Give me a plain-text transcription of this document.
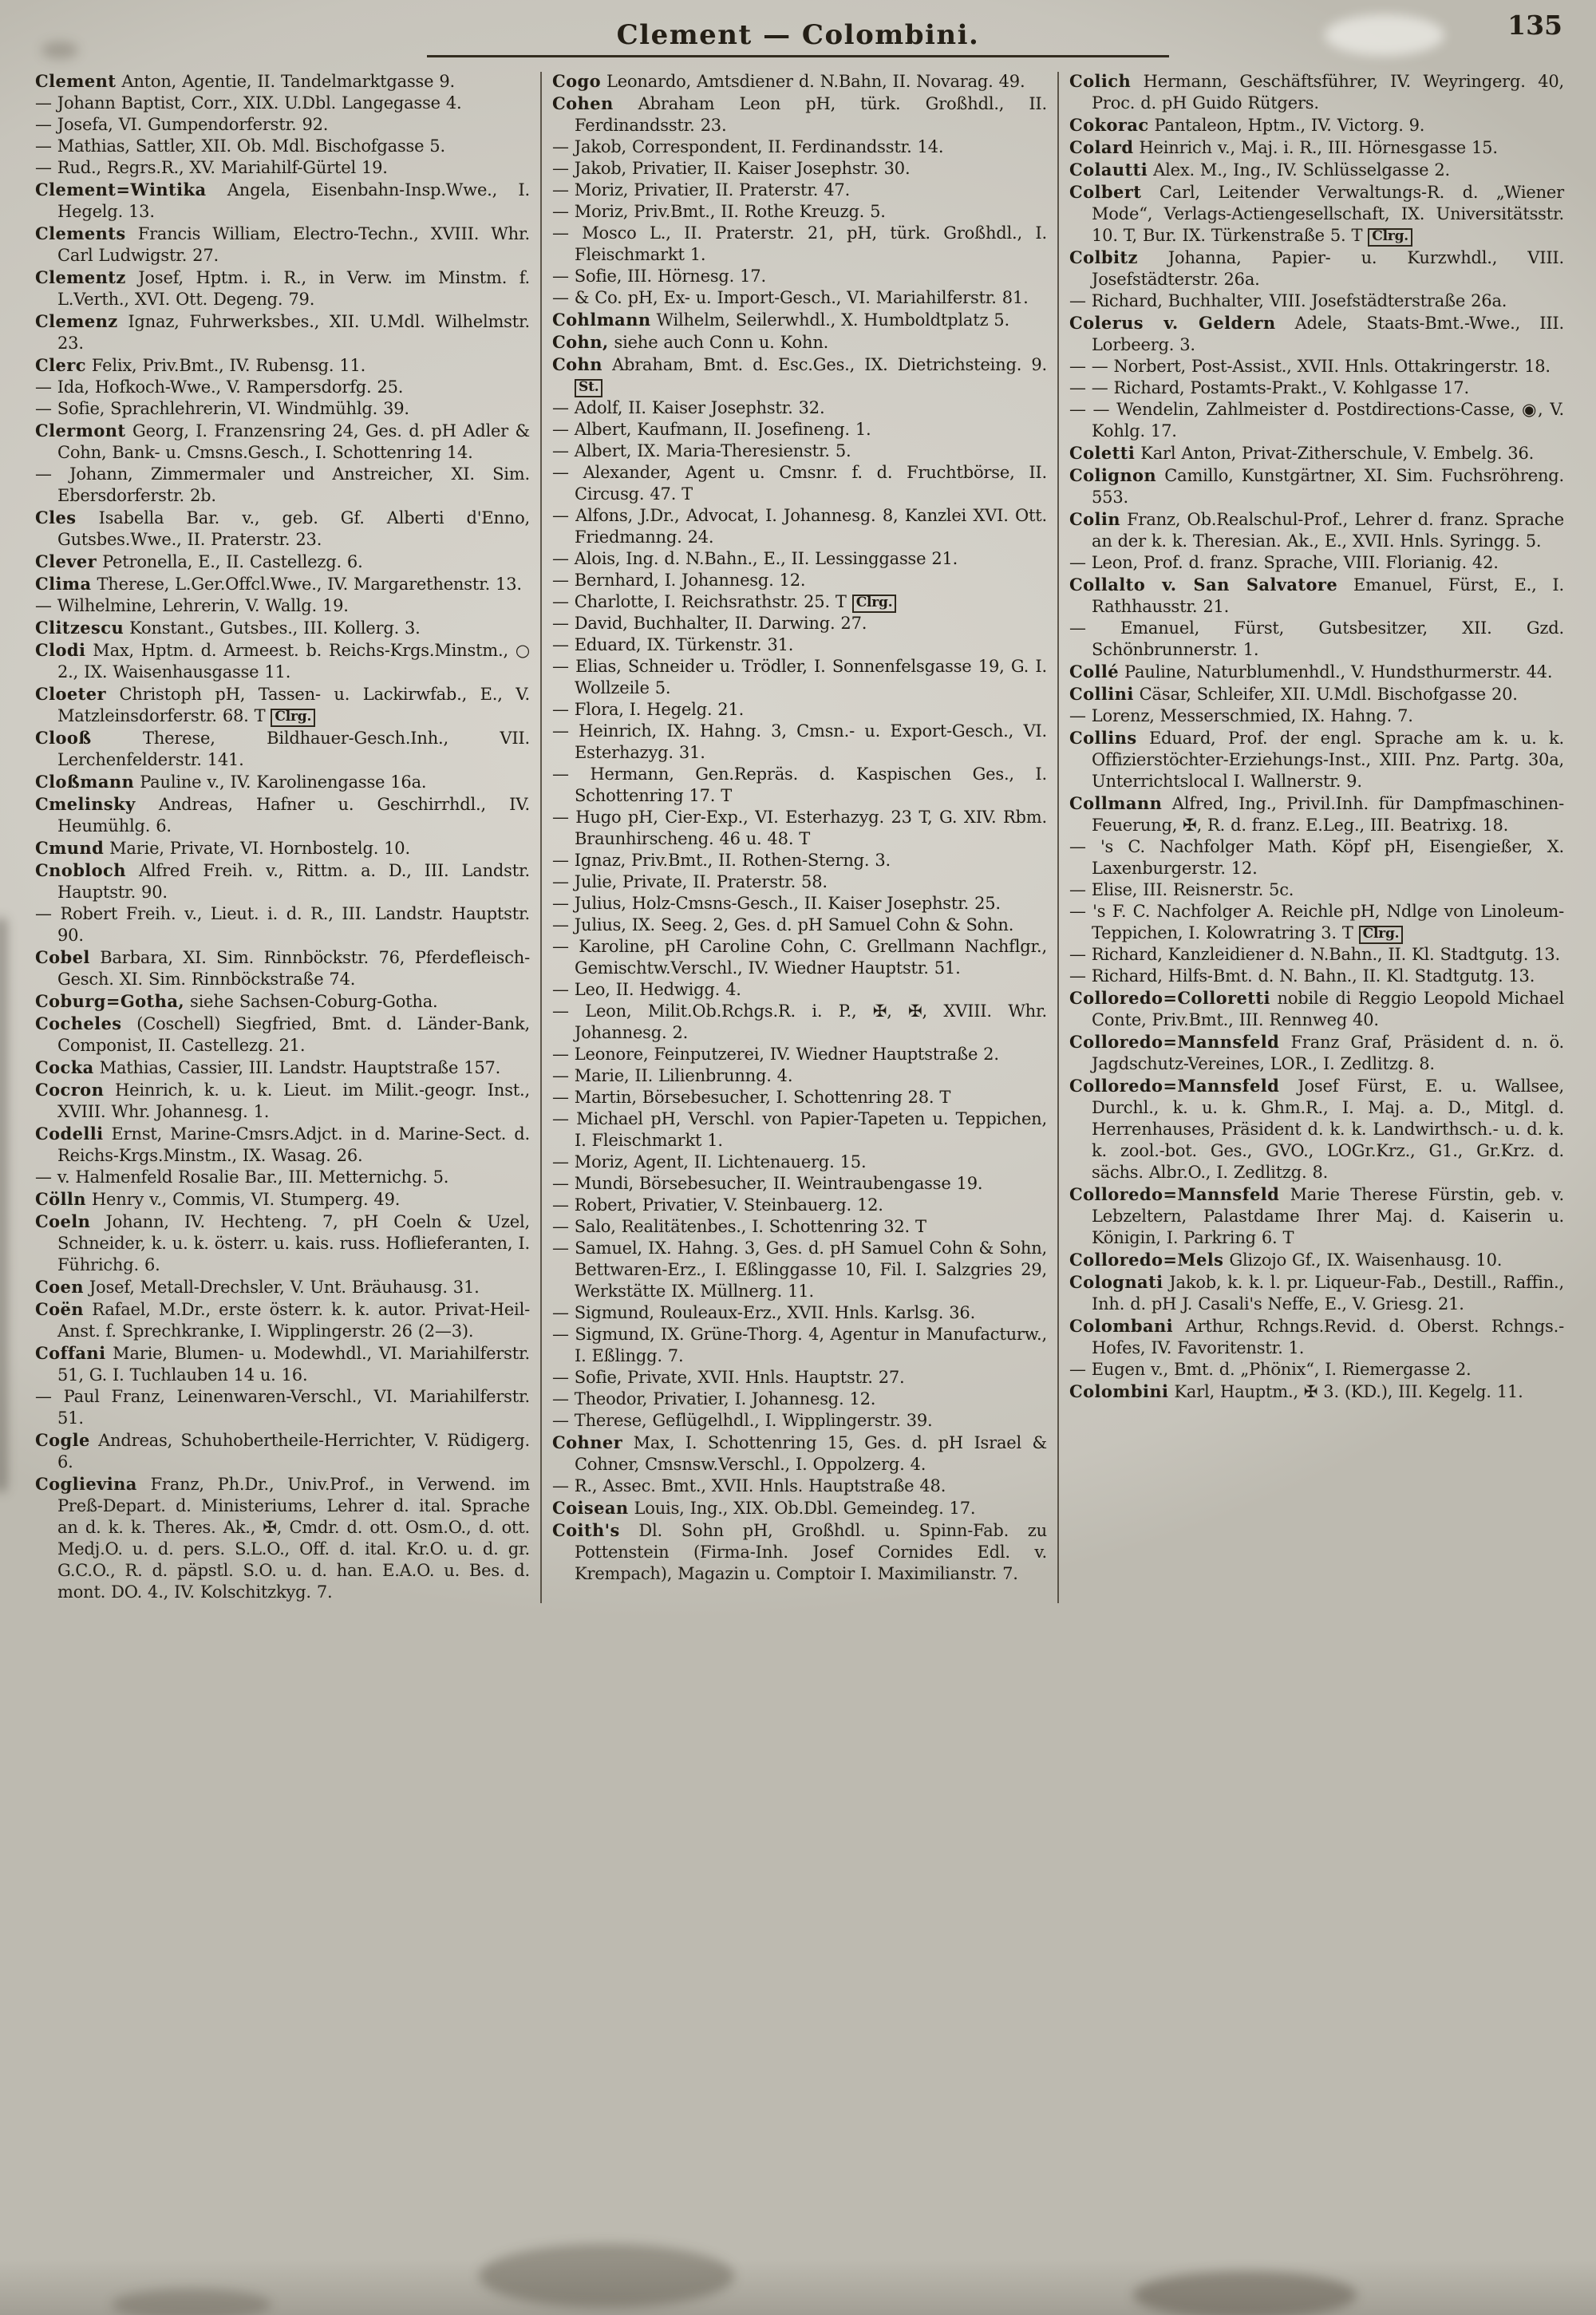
Clement — Colombini.	135

Clement Anton, Agentie, II. Tandelmarktgasse 9.

— Johann Baptist, Corr., XIX. U.Dbl. Langegasse 4.

— Josefa, VI. Gumpendorferstr. 92.

— Mathias, Sattler, XII. Ob. Mdl. Bischofgasse 5.

— Rud., Regrs.R., XV. Mariahilf-Gürtel 19.

Clement=Wintika Angela, Eisenbahn-Insp.Wwe., I. Hegelg. 13.

Clements Francis William, Electro-Techn., XVIII. Whr. Carl Ludwigstr. 27.

Clementz Josef, Hptm. i. R., in Verw. im Minstm. f. L.Verth., XVI. Ott. Degeng. 79.

Clemenz Ignaz, Fuhrwerksbes., XII. U.Mdl. Wilhelmstr. 23.

Clerc Felix, Priv.Bmt., IV. Rubensg. 11.

— Ida, Hofkoch-Wwe., V. Rampersdorfg. 25.

— Sofie, Sprachlehrerin, VI. Windmühlg. 39.

Clermont Georg, I. Franzensring 24, Ges. d. pH Adler & Cohn, Bank- u. Cmsns.Gesch., I. Schottenring 14.

— Johann, Zimmermaler und Anstreicher, XI. Sim. Ebersdorferstr. 2b.

Cles Isabella Bar. v., geb. Gf. Alberti d'Enno, Gutsbes.Wwe., II. Praterstr. 23.

Clever Petronella, E., II. Castellezg. 6.

Clima Therese, L.Ger.Offcl.Wwe., IV. Margarethenstr. 13.

— Wilhelmine, Lehrerin, V. Wallg. 19.

Clitzescu Konstant., Gutsbes., III. Kollerg. 3.

Clodi Max, Hptm. d. Armeest. b. Reichs-Krgs.Minstm., ○ 2., IX. Waisenhausgasse 11.

Cloeter Christoph pH, Tassen- u. Lackirwfab., E., V. Matzleinsdorferstr. 68. T Clrg.

Clooß Therese, Bildhauer-Gesch.Inh., VII. Lerchenfelderstr. 141.

Cloßmann Pauline v., IV. Karolinengasse 16a.

Cmelinsky Andreas, Hafner u. Geschirrhdl., IV. Heumühlg. 6.

Cmund Marie, Private, VI. Hornbostelg. 10.

Cnobloch Alfred Freih. v., Rittm. a. D., III. Landstr. Hauptstr. 90.

— Robert Freih. v., Lieut. i. d. R., III. Landstr. Hauptstr. 90.

Cobel Barbara, XI. Sim. Rinnböckstr. 76, Pferdefleisch-Gesch. XI. Sim. Rinnböckstraße 74.

Coburg=Gotha, siehe Sachsen-Coburg-Gotha.

Cocheles (Coschell) Siegfried, Bmt. d. Länder-Bank, Componist, II. Castellezg. 21.

Cocka Mathias, Cassier, III. Landstr. Hauptstraße 157.

Cocron Heinrich, k. u. k. Lieut. im Milit.-geogr. Inst., XVIII. Whr. Johannesg. 1.

Codelli Ernst, Marine-Cmsrs.Adjct. in d. Marine-Sect. d. Reichs-Krgs.Minstm., IX. Wasag. 26.

— v. Halmenfeld Rosalie Bar., III. Metternichg. 5.

Cölln Henry v., Commis, VI. Stumperg. 49.

Coeln Johann, IV. Hechteng. 7, pH Coeln & Uzel, Schneider, k. u. k. österr. u. kais. russ. Hoflieferanten, I. Führichg. 6.

Coen Josef, Metall-Drechsler, V. Unt. Bräuhausg. 31.

Coën Rafael, M.Dr., erste österr. k. k. autor. Privat-Heil-Anst. f. Sprechkranke, I. Wipplingerstr. 26 (2—3).

Coffani Marie, Blumen- u. Modewhdl., VI. Mariahilferstr. 51, G. I. Tuchlauben 14 u. 16.

— Paul Franz, Leinenwaren-Verschl., VI. Mariahilferstr. 51.

Cogle Andreas, Schuhobertheile-Herrichter, V. Rüdigerg. 6.

Coglievina Franz, Ph.Dr., Univ.Prof., in Verwend. im Preß-Depart. d. Ministeriums, Lehrer d. ital. Sprache an d. k. k. Theres. Ak., ✠, Cmdr. d. ott. Osm.O., d. ott. Medj.O. u. d. pers. S.L.O., Off. d. ital. Kr.O. u. d. gr. G.C.O., R. d. päpstl. S.O. u. d. han. E.A.O. u. Bes. d. mont. DO. 4., IV. Kolschitzkyg. 7.

Cogo Leonardo, Amtsdiener d. N.Bahn, II. Novarag. 49.

Cohen Abraham Leon pH, türk. Großhdl., II. Ferdinandsstr. 23.

— Jakob, Correspondent, II. Ferdinandsstr. 14.

— Jakob, Privatier, II. Kaiser Josephstr. 30.

— Moriz, Privatier, II. Praterstr. 47.

— Moriz, Priv.Bmt., II. Rothe Kreuzg. 5.

— Mosco L., II. Praterstr. 21, pH, türk. Großhdl., I. Fleischmarkt 1.

— Sofie, III. Hörnesg. 17.

— & Co. pH, Ex- u. Import-Gesch., VI. Mariahilferstr. 81.

Cohlmann Wilhelm, Seilerwhdl., X. Humboldtplatz 5.

Cohn, siehe auch Conn u. Kohn.

Cohn Abraham, Bmt. d. Esc.Ges., IX. Dietrichsteing. 9. St.

— Adolf, II. Kaiser Josephstr. 32.

— Albert, Kaufmann, II. Josefineng. 1.

— Albert, IX. Maria-Theresienstr. 5.

— Alexander, Agent u. Cmsnr. f. d. Fruchtbörse, II. Circusg. 47. T

— Alfons, J.Dr., Advocat, I. Johannesg. 8, Kanzlei XVI. Ott. Friedmanng. 24.

— Alois, Ing. d. N.Bahn., E., II. Lessinggasse 21.

— Bernhard, I. Johannesg. 12.

— Charlotte, I. Reichsrathstr. 25. T Clrg.

— David, Buchhalter, II. Darwing. 27.

— Eduard, IX. Türkenstr. 31.

— Elias, Schneider u. Trödler, I. Sonnenfelsgasse 19, G. I. Wollzeile 5.

— Flora, I. Hegelg. 21.

— Heinrich, IX. Hahng. 3, Cmsn.- u. Export-Gesch., VI. Esterhazyg. 31.

— Hermann, Gen.Repräs. d. Kaspischen Ges., I. Schottenring 17. T

— Hugo pH, Cier-Exp., VI. Esterhazyg. 23 T, G. XIV. Rbm. Braunhirscheng. 46 u. 48. T

— Ignaz, Priv.Bmt., II. Rothen-Sterng. 3.

— Julie, Private, II. Praterstr. 58.

— Julius, Holz-Cmsns-Gesch., II. Kaiser Josephstr. 25.

— Julius, IX. Seeg. 2, Ges. d. pH Samuel Cohn & Sohn.

— Karoline, pH Caroline Cohn, C. Grellmann Nachflgr., Gemischtw.Verschl., IV. Wiedner Hauptstr. 51.

— Leo, II. Hedwigg. 4.

— Leon, Milit.Ob.Rchgs.R. i. P., ✠, ✠, XVIII. Whr. Johannesg. 2.

— Leonore, Feinputzerei, IV. Wiedner Hauptstraße 2.

— Marie, II. Lilienbrunng. 4.

— Martin, Börsebesucher, I. Schottenring 28. T

— Michael pH, Verschl. von Papier-Tapeten u. Teppichen, I. Fleischmarkt 1.

— Moriz, Agent, II. Lichtenauerg. 15.

— Mundi, Börsebesucher, II. Weintraubengasse 19.

— Robert, Privatier, V. Steinbauerg. 12.

— Salo, Realitätenbes., I. Schottenring 32. T

— Samuel, IX. Hahng. 3, Ges. d. pH Samuel Cohn & Sohn, Bettwaren-Erz., I. Eßlinggasse 10, Fil. I. Salzgries 29, Werkstätte IX. Müllnerg. 11.

— Sigmund, Rouleaux-Erz., XVII. Hnls. Karlsg. 36.

— Sigmund, IX. Grüne-Thorg. 4, Agentur in Manufacturw., I. Eßlingg. 7.

— Sofie, Private, XVII. Hnls. Hauptstr. 27.

— Theodor, Privatier, I. Johannesg. 12.

— Therese, Geflügelhdl., I. Wipplingerstr. 39.

Cohner Max, I. Schottenring 15, Ges. d. pH Israel & Cohner, Cmsnsw.Verschl., I. Oppolzerg. 4.

— R., Assec. Bmt., XVII. Hnls. Hauptstraße 48.

Coisean Louis, Ing., XIX. Ob.Dbl. Gemeindeg. 17.

Coith's Dl. Sohn pH, Großhdl. u. Spinn-Fab. zu Pottenstein (Firma-Inh. Josef Cornides Edl. v. Krempach), Magazin u. Comptoir I. Maximilianstr. 7.

Colich Hermann, Geschäftsführer, IV. Weyringerg. 40, Proc. d. pH Guido Rütgers.

Cokorac Pantaleon, Hptm., IV. Victorg. 9.

Colard Heinrich v., Maj. i. R., III. Hörnesgasse 15.

Colautti Alex. M., Ing., IV. Schlüsselgasse 2.

Colbert Carl, Leitender Verwaltungs-R. d. „Wiener Mode“, Verlags-Actiengesellschaft, IX. Universitätsstr. 10. T, Bur. IX. Türkenstraße 5. T Clrg.

Colbitz Johanna, Papier- u. Kurzwhdl., VIII. Josefstädterstr. 26a.

— Richard, Buchhalter, VIII. Josefstädterstraße 26a.

Colerus v. Geldern Adele, Staats-Bmt.-Wwe., III. Lorbeerg. 3.

— — Norbert, Post-Assist., XVII. Hnls. Ottakringerstr. 18.

— — Richard, Postamts-Prakt., V. Kohlgasse 17.

— — Wendelin, Zahlmeister d. Postdirections-Casse, ◉, V. Kohlg. 17.

Coletti Karl Anton, Privat-Zitherschule, V. Embelg. 36.

Colignon Camillo, Kunstgärtner, XI. Sim. Fuchsröhreng. 553.

Colin Franz, Ob.Realschul-Prof., Lehrer d. franz. Sprache an der k. k. Theresian. Ak., E., XVII. Hnls. Syringg. 5.

— Leon, Prof. d. franz. Sprache, VIII. Florianig. 42.

Collalto v. San Salvatore Emanuel, Fürst, E., I. Rathhausstr. 21.

— Emanuel, Fürst, Gutsbesitzer, XII. Gzd. Schönbrunnerstr. 1.

Collé Pauline, Naturblumenhdl., V. Hundsthurmerstr. 44.

Collini Cäsar, Schleifer, XII. U.Mdl. Bischofgasse 20.

— Lorenz, Messerschmied, IX. Hahng. 7.

Collins Eduard, Prof. der engl. Sprache am k. u. k. Offizierstöchter-Erziehungs-Inst., XIII. Pnz. Partg. 30a, Unterrichtslocal I. Wallnerstr. 9.

Collmann Alfred, Ing., Privil.Inh. für Dampfmaschinen-Feuerung, ✠, R. d. franz. E.Leg., III. Beatrixg. 18.

— 's C. Nachfolger Math. Köpf pH, Eisengießer, X. Laxenburgerstr. 12.

— Elise, III. Reisnerstr. 5c.

— 's F. C. Nachfolger A. Reichle pH, Ndlge von Linoleum-Teppichen, I. Kolowratring 3. T Clrg.

— Richard, Kanzleidiener d. N.Bahn., II. Kl. Stadtgutg. 13.

— Richard, Hilfs-Bmt. d. N. Bahn., II. Kl. Stadtgutg. 13.

Colloredo=Colloretti nobile di Reggio Leopold Michael Conte, Priv.Bmt., III. Rennweg 40.

Colloredo=Mannsfeld Franz Graf, Präsident d. n. ö. Jagdschutz-Vereines, LOR., I. Zedlitzg. 8.

Colloredo=Mannsfeld Josef Fürst, E. u. Wallsee, Durchl., k. u. k. Ghm.R., I. Maj. a. D., Mitgl. d. Herrenhauses, Präsident d. k. k. Landwirthsch.- u. d. k. k. zool.-bot. Ges., GVO., LOGr.Krz., G1., Gr.Krz. d. sächs. Albr.O., I. Zedlitzg. 8.

Colloredo=Mannsfeld Marie Therese Fürstin, geb. v. Lebzeltern, Palastdame Ihrer Maj. d. Kaiserin u. Königin, I. Parkring 6. T

Colloredo=Mels Glizojo Gf., IX. Waisenhausg. 10.

Colognati Jakob, k. k. l. pr. Liqueur-Fab., Destill., Raffin., Inh. d. pH J. Casali's Neffe, E., V. Griesg. 21.

Colombani Arthur, Rchngs.Revid. d. Oberst. Rchngs.-Hofes, IV. Favoritenstr. 1.

— Eugen v., Bmt. d. „Phönix“, I. Riemergasse 2.

Colombini Karl, Hauptm., ✠ 3. (KD.), III. Kegelg. 11.
